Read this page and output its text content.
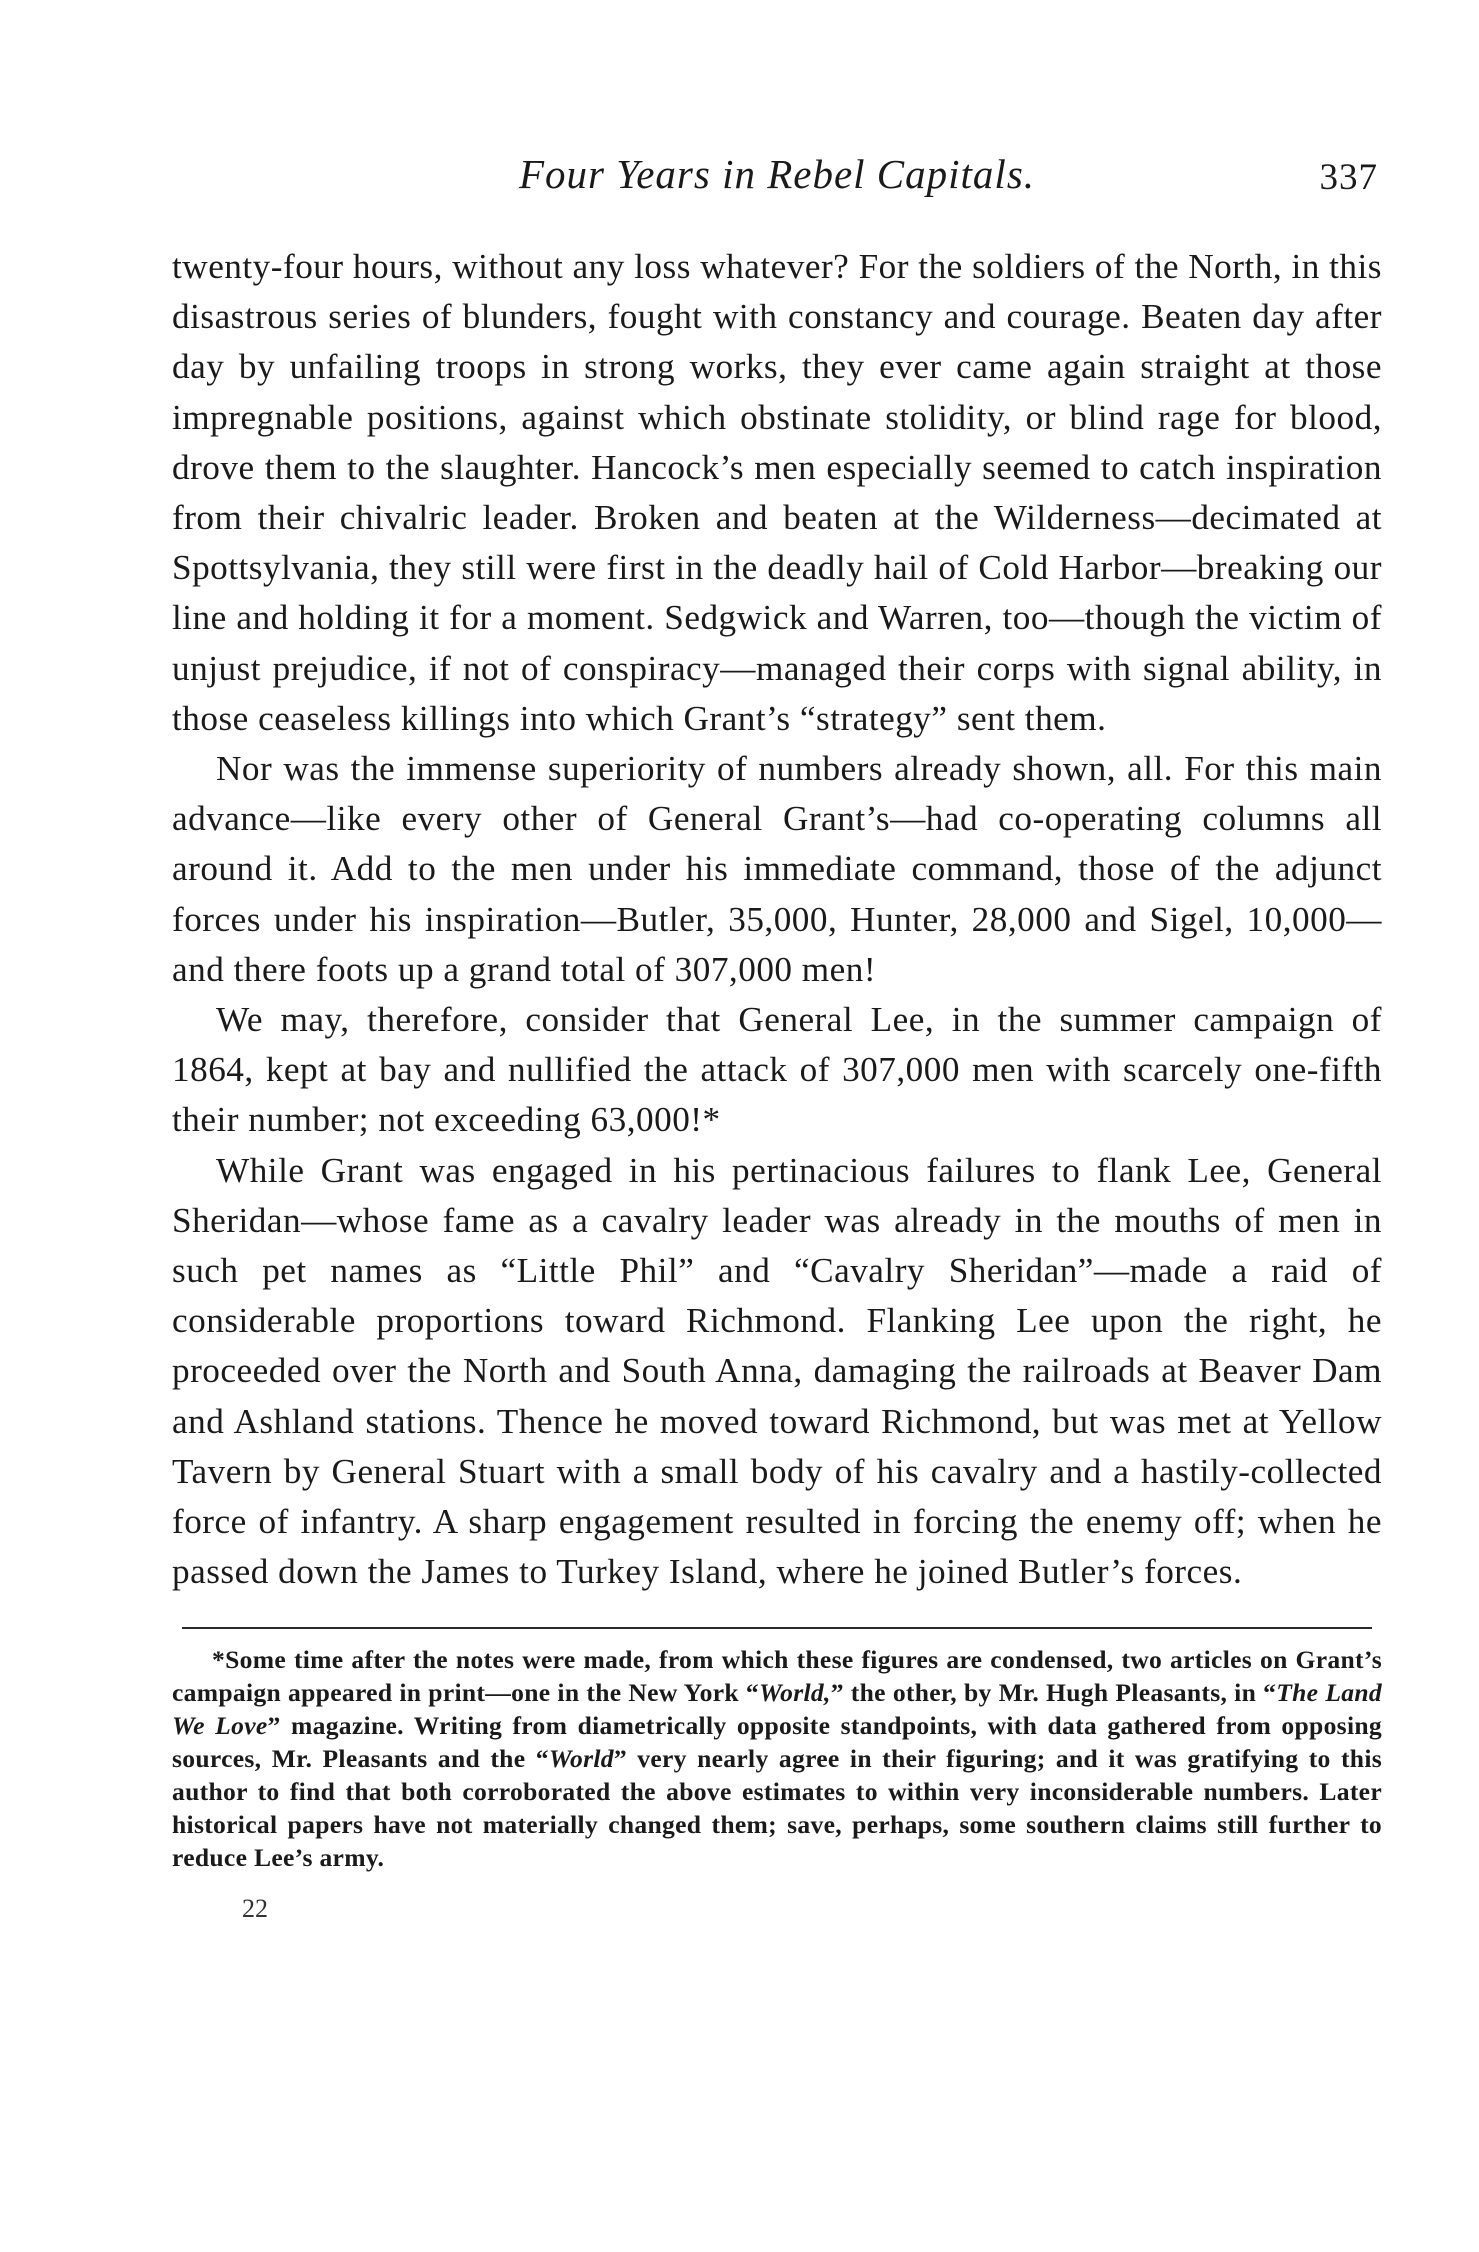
Four Years in Rebel Capitals.	337

twenty-four hours, without any loss whatever? For the soldiers of the North, in this disastrous series of blunders, fought with constancy and courage. Beaten day after day by unfailing troops in strong works, they ever came again straight at those impregnable positions, against which obstinate stolidity, or blind rage for blood, drove them to the slaughter. Hancock’s men especially seemed to catch inspiration from their chivalric leader. Broken and beaten at the Wilderness—decimated at Spottsylvania, they still were first in the deadly hail of Cold Harbor—breaking our line and holding it for a moment. Sedgwick and Warren, too—though the victim of unjust prejudice, if not of conspiracy—managed their corps with signal ability, in those ceaseless killings into which Grant’s “strategy” sent them.

Nor was the immense superiority of numbers already shown, all. For this main advance—like every other of General Grant’s—had co-operating columns all around it. Add to the men under his immediate command, those of the adjunct forces under his inspiration—Butler, 35,000, Hunter, 28,000 and Sigel, 10,000—and there foots up a grand total of 307,000 men!

We may, therefore, consider that General Lee, in the summer campaign of 1864, kept at bay and nullified the attack of 307,000 men with scarcely one-fifth their number; not exceeding 63,000!*

While Grant was engaged in his pertinacious failures to flank Lee, General Sheridan—whose fame as a cavalry leader was already in the mouths of men in such pet names as “Little Phil” and “Cavalry Sheridan”—made a raid of considerable proportions toward Richmond. Flanking Lee upon the right, he proceeded over the North and South Anna, damaging the railroads at Beaver Dam and Ashland stations. Thence he moved toward Richmond, but was met at Yellow Tavern by General Stuart with a small body of his cavalry and a hastily-collected force of infantry. A sharp engagement resulted in forcing the enemy off; when he passed down the James to Turkey Island, where he joined Butler’s forces.

*Some time after the notes were made, from which these figures are condensed, two articles on Grant’s campaign appeared in print—one in the New York “World,” the other, by Mr. Hugh Pleasants, in “The Land We Love” magazine. Writing from diametrically opposite standpoints, with data gathered from opposing sources, Mr. Pleasants and the “World” very nearly agree in their figuring; and it was gratifying to this author to find that both corroborated the above estimates to within very inconsiderable numbers. Later historical papers have not materially changed them; save, perhaps, some southern claims still further to reduce Lee’s army.
22
